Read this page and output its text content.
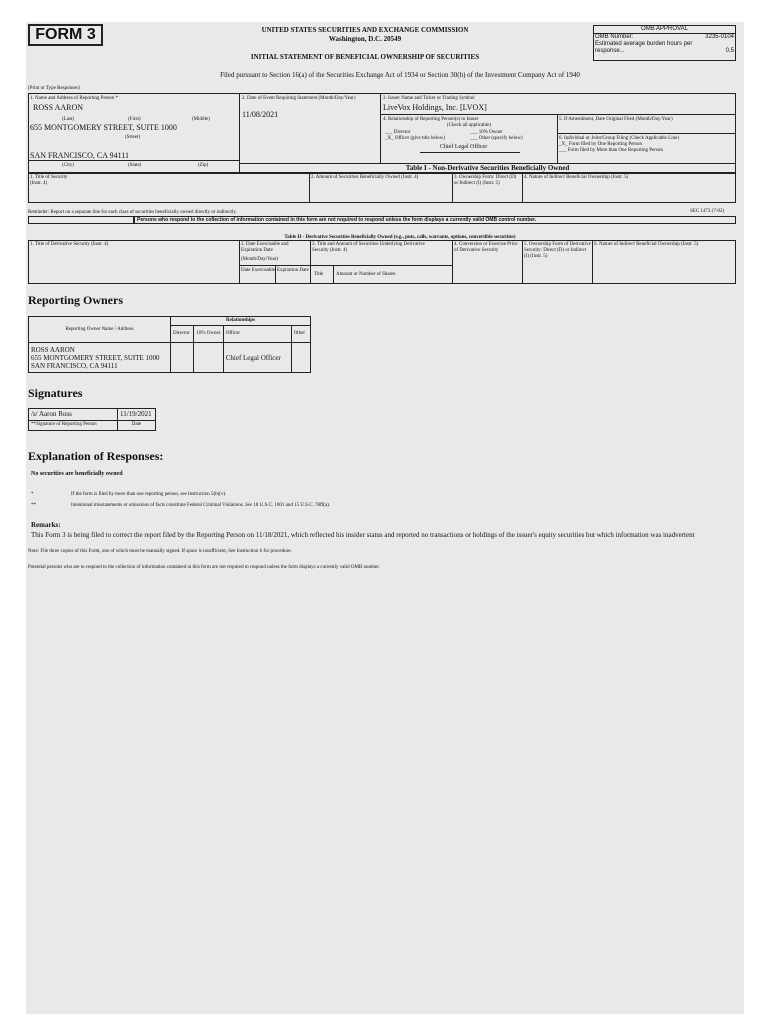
FORM 3	UNITED STATES SECURITIES AND EXCHANGE COMMISSION
Washington, D.C. 20549
INITIAL STATEMENT OF BENEFICIAL OWNERSHIP OF SECURITIES
OMB APPROVAL
OMB Number:	3235-0104
Estimated average burden hours per response...	0.5
Filed pursuant to Section 16(a) of the Securities Exchange Act of 1934 or Section 30(h) of the Investment Company Act of 1940
(Print or Type Responses)
1. Name and Address of Reporting Person *
ROSS AARON
(Last)	(First)	(Middle)
655 MONTGOMERY STREET, SUITE 1000
(Street)
SAN FRANCISCO, CA 94111
(City)	(State)	(Zip)
2. Date of Event Requiring Statement (Month/Day/Year)
11/08/2021
3. Issuer Name and Ticker or Trading Symbol
LiveVox Holdings, Inc. [LVOX]
4. Relationship of Reporting Person(s) to Issuer
(Check all applicable)
___ Director	___ 10% Owner
_X_ Officer (give title below)	___ Other (specify below)
Chief Legal Officer
5. If Amendment, Date Original Filed (Month/Day/Year)
6. Individual or Joint/Group Filing (Check Applicable Line)
_X_ Form filed by One Reporting Person
___ Form filed by More than One Reporting Person
Table I - Non-Derivative Securities Beneficially Owned
1. Title of Security (Instr. 4)
2. Amount of Securities Beneficially Owned (Instr. 4)	3. Ownership Form: Direct (D) or Indirect (I) (Instr. 5)
4. Nature of Indirect Beneficial Ownership (Instr. 5)
Reminder: Report on a separate line for each class of securities beneficially owned directly or indirectly.	SEC 1473 (7-02)
Persons who respond to the collection of information contained in this form are not required to respond unless the form displays a currently valid OMB control number.
Table II - Derivative Securities Beneficially Owned (e.g., puts, calls, warrants, options, convertible securities)
1. Title of Derivative Security (Instr. 4)	2. Date Exercisable and Expiration Date
(Month/Day/Year)
Date Exercisable Expiration Date
3. Title and Amount of Securities Underlying Derivative Security (Instr. 4)
Title	Amount or Number of Shares
4. Conversion or Exercise Price of Derivative Security
5. Ownership Form of Derivative Security: Direct (D) or Indirect (I) (Instr. 5)
6. Nature of Indirect Beneficial Ownership (Instr. 5)
Reporting Owners
Reporting Owner Name / Address	Relationships			
	Director	10% Owner	Officer	Other

ROSS AARON
655 MONTGOMERY STREET, SUITE 1000
SAN FRANCISCO, CA 94111			Chief Legal Officer	
Signatures
/s/ Aaron Ross	11/19/2021
**Signature of Reporting Person	Date
Explanation of Responses:
No securities are beneficially owned
*	If the form is filed by more than one reporting person, see Instruction 5(b)(v).
**	Intentional misstatements or omissions of facts constitute Federal Criminal Violations. See 18 U.S.C. 1001 and 15 U.S.C. 78ff(a).
Remarks:
This Form 3 is being filed to correct the report filed by the Reporting Person on 11/18/2021, which reflected his insider status and reported no transactions or holdings of the issuer's equity securities but which information was inadvertent
Note: File three copies of this Form, one of which must be manually signed. If space is insufficient, See Instruction 6 for procedure.
Potential persons who are to respond to the collection of information contained in this form are not required to respond unless the form displays a currently valid OMB number.
